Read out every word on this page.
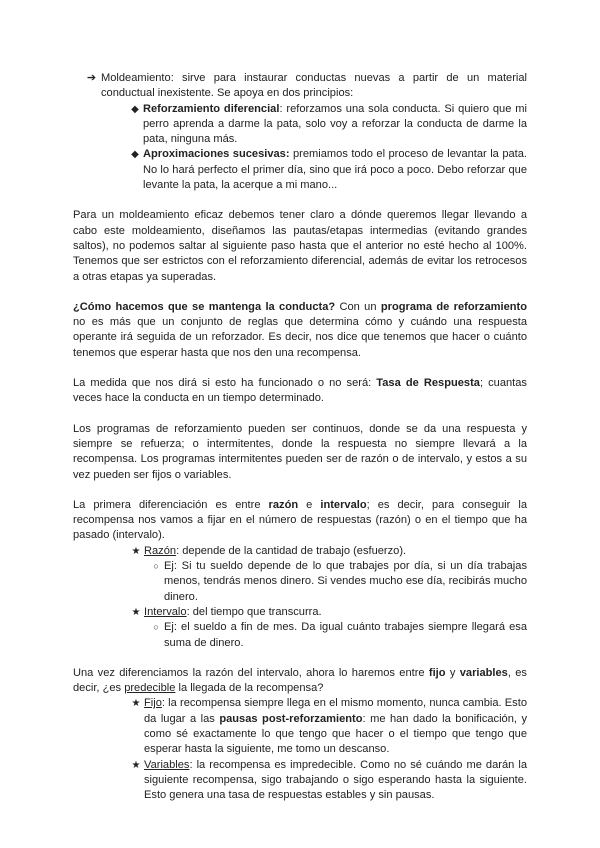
➔ Moldeamiento: sirve para instaurar conductas nuevas a partir de un material conductual inexistente. Se apoya en dos principios:

◆ Reforzamiento diferencial: reforzamos una sola conducta. Si quiero que mi perro aprenda a darme la pata, solo voy a reforzar la conducta de darme la pata, ninguna más.

◆ Aproximaciones sucesivas: premiamos todo el proceso de levantar la pata. No lo hará perfecto el primer día, sino que irá poco a poco. Debo reforzar que levante la pata, la acerque a mi mano...

Para un moldeamiento eficaz debemos tener claro a dónde queremos llegar llevando a cabo este moldeamiento, diseñamos las pautas/etapas intermedias (evitando grandes saltos), no podemos saltar al siguiente paso hasta que el anterior no esté hecho al 100%. Tenemos que ser estrictos con el reforzamiento diferencial, además de evitar los retrocesos a otras etapas ya superadas.

¿Cómo hacemos que se mantenga la conducta? Con un programa de reforzamiento no es más que un conjunto de reglas que determina cómo y cuándo una respuesta operante irá seguida de un reforzador. Es decir, nos dice que tenemos que hacer o cuánto tenemos que esperar hasta que nos den una recompensa.

La medida que nos dirá si esto ha funcionado o no será: Tasa de Respuesta; cuantas veces hace la conducta en un tiempo determinado.

Los programas de reforzamiento pueden ser continuos, donde se da una respuesta y siempre se refuerza; o intermitentes, donde la respuesta no siempre llevará a la recompensa. Los programas intermitentes pueden ser de razón o de intervalo, y estos a su vez pueden ser fijos o variables.

La primera diferenciación es entre razón e intervalo; es decir, para conseguir la recompensa nos vamos a fijar en el número de respuestas (razón) o en el tiempo que ha pasado (intervalo).

★ Razón: depende de la cantidad de trabajo (esfuerzo).

○ Ej: Si tu sueldo depende de lo que trabajes por día, si un día trabajas menos, tendrás menos dinero. Si vendes mucho ese día, recibirás mucho dinero.

★ Intervalo: del tiempo que transcurra.

○ Ej: el sueldo a fin de mes. Da igual cuánto trabajes siempre llegará esa suma de dinero.

Una vez diferenciamos la razón del intervalo, ahora lo haremos entre fijo y variables, es decir, ¿es predecible la llegada de la recompensa?

★ Fijo: la recompensa siempre llega en el mismo momento, nunca cambia. Esto da lugar a las pausas post-reforzamiento: me han dado la bonificación, y como sé exactamente lo que tengo que hacer o el tiempo que tengo que esperar hasta la siguiente, me tomo un descanso.

★ Variables: la recompensa es impredecible. Como no sé cuándo me darán la siguiente recompensa, sigo trabajando o sigo esperando hasta la siguiente. Esto genera una tasa de respuestas estables y sin pausas.
